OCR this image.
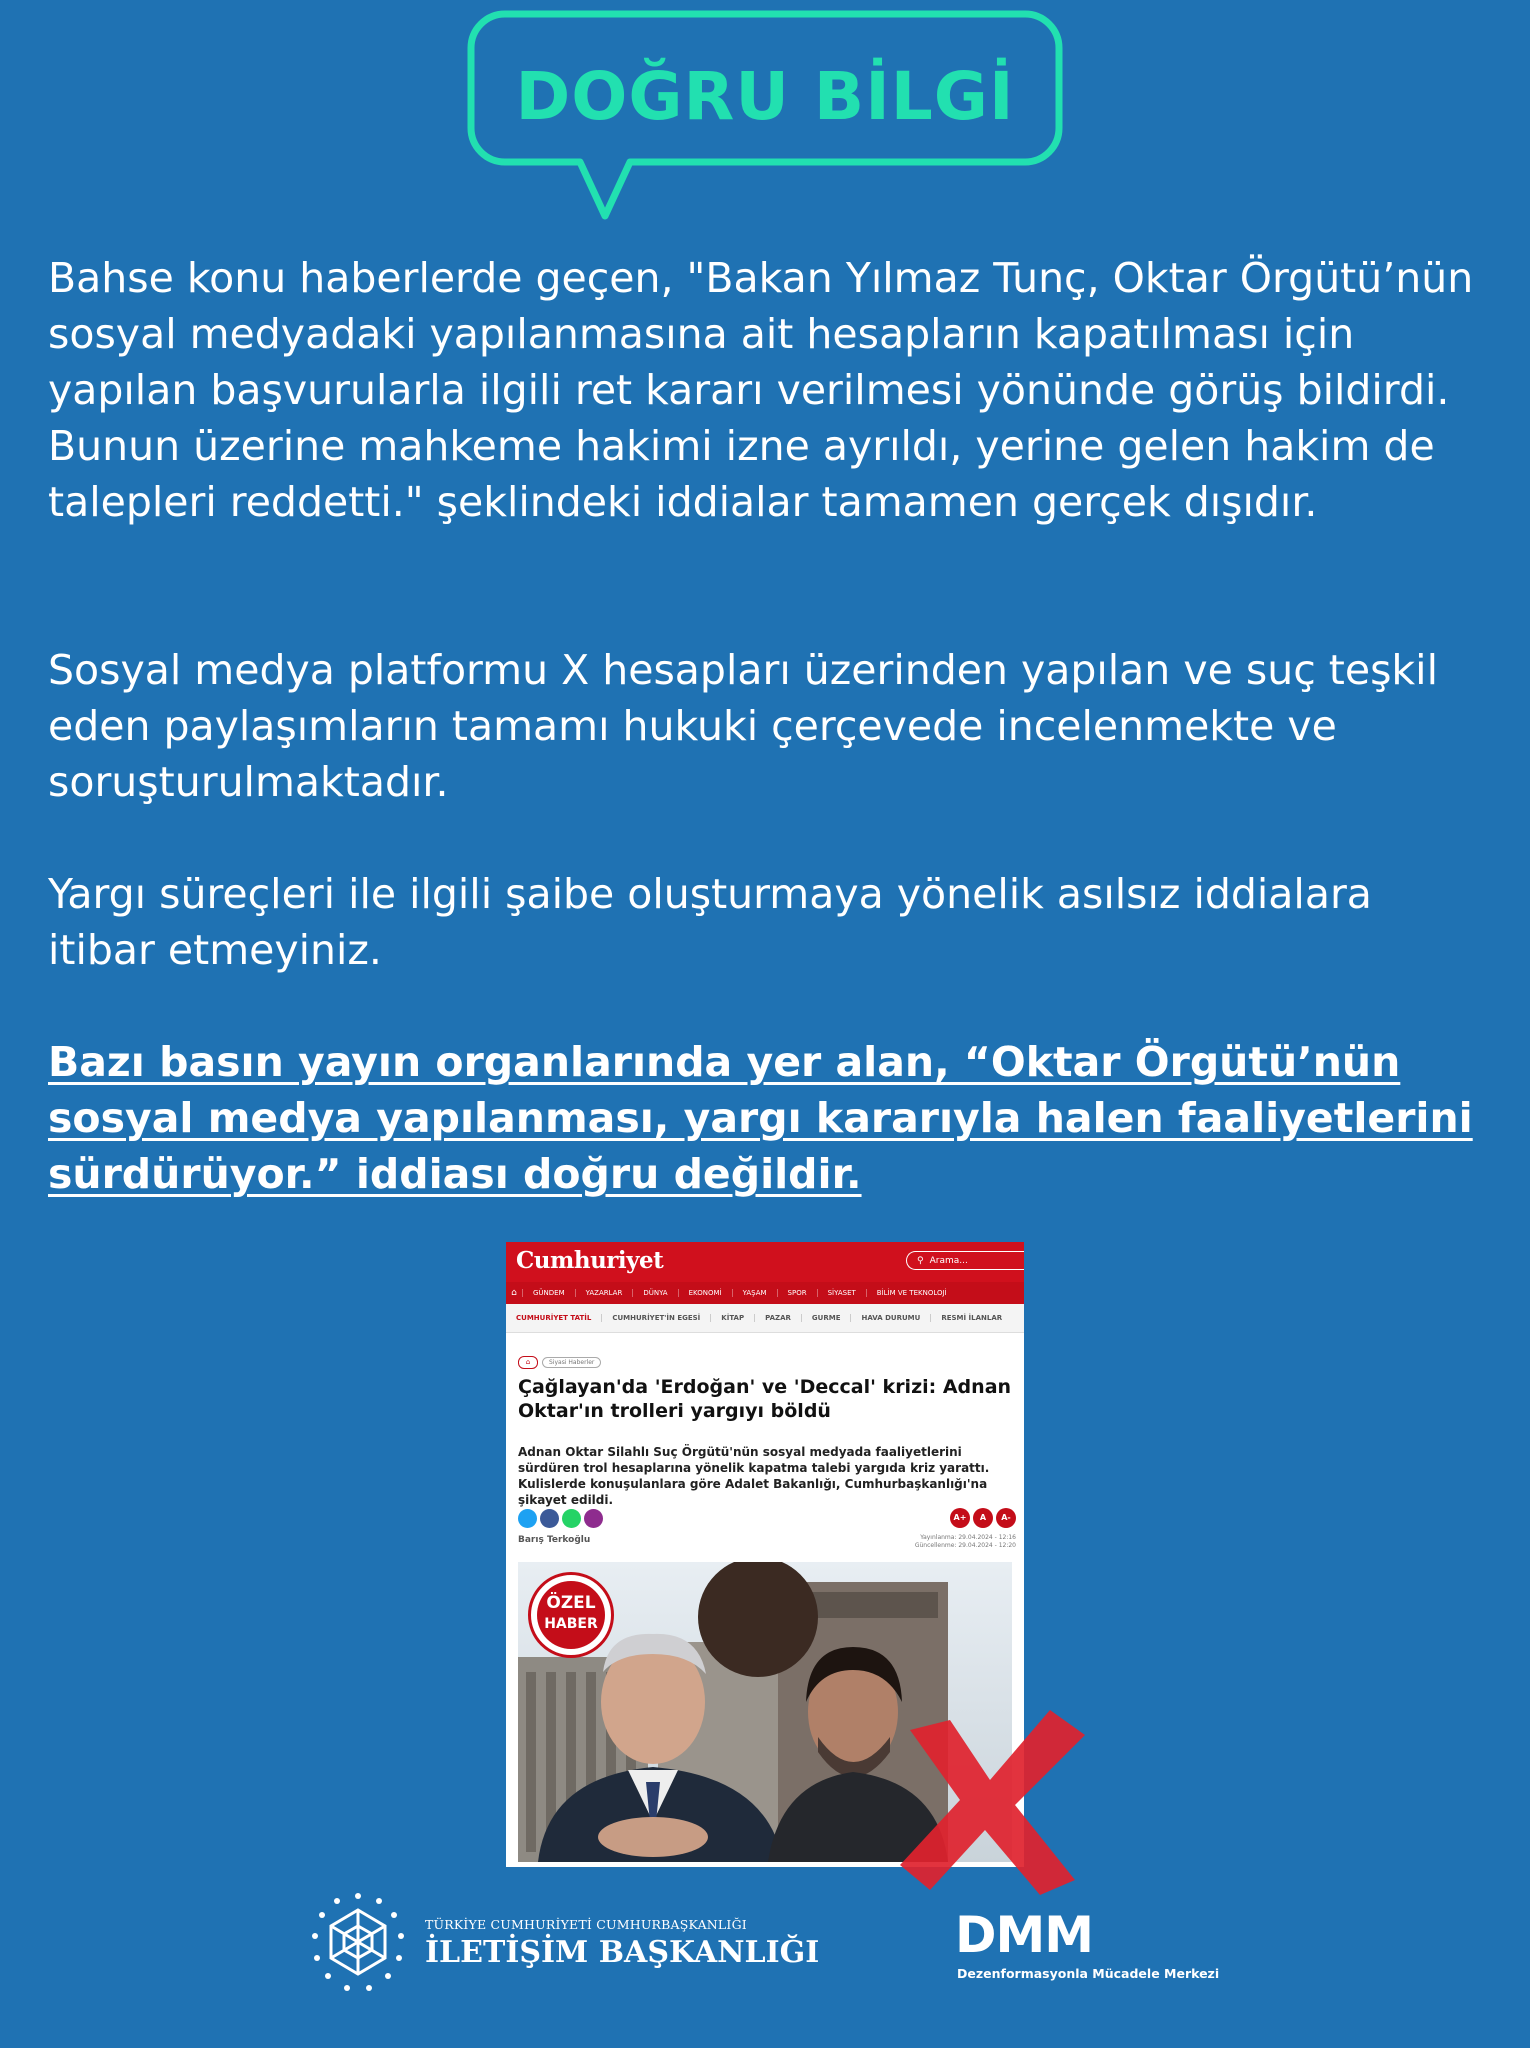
DOĞRU BİLGİ
Bahse konu haberlerde geçen, "Bakan Yılmaz Tunç, Oktar Örgütü’nün sosyal medyadaki yapılanmasına ait hesapların kapatılması için yapılan başvurularla ilgili ret kararı verilmesi yönünde görüş bildirdi. Bunun üzerine mahkeme hakimi izne ayrıldı, yerine gelen hakim de talepleri reddetti." şeklindeki iddialar tamamen gerçek dışıdır.
Sosyal medya platformu X hesapları üzerinden yapılan ve suç teşkil eden paylaşımların tamamı hukuki çerçevede incelenmekte ve soruşturulmaktadır.
Yargı süreçleri ile ilgili şaibe oluşturmaya yönelik asılsız iddialara itibar etmeyiniz.
Bazı basın yayın organlarında yer alan, “Oktar Örgütü’nün sosyal medya yapılanması, yargı kararıyla halen faaliyetlerini sürdürüyor.” iddiası doğru değildir.
Cumhuriyet	⚲ Arama...
⌂	GÜNDEM	YAZARLAR	DÜNYA	EKONOMİ	YAŞAM	SPOR	SİYASET	BİLİM VE TEKNOLOJİ
CUMHURİYET TATİL	CUMHURİYET'İN EGESİ	KİTAP	PAZAR	GURME	HAVA DURUMU	RESMİ İLANLAR
⌂	Siyasi Haberler
Çağlayan'da 'Erdoğan' ve 'Deccal' krizi: Adnan Oktar'ın trolleri yargıyı böldü
Adnan Oktar Silahlı Suç Örgütü'nün sosyal medyada faaliyetlerini sürdüren trol hesaplarına yönelik kapatma talebi yargıda kriz yarattı. Kulislerde konuşulanlara göre Adalet Bakanlığı, Cumhurbaşkanlığı'na şikayet edildi.
A+	A	A-
Barış Terkoğlu	Yayınlanma: 29.04.2024 - 12:16
Güncellenme: 29.04.2024 - 12:20
ÖZEL
HABER
TÜRKİYE CUMHURİYETİ CUMHURBAŞKANLIĞI
İLETİŞİM BAŞKANLIĞI	DMM
Dezenformasyonla Mücadele Merkezi
